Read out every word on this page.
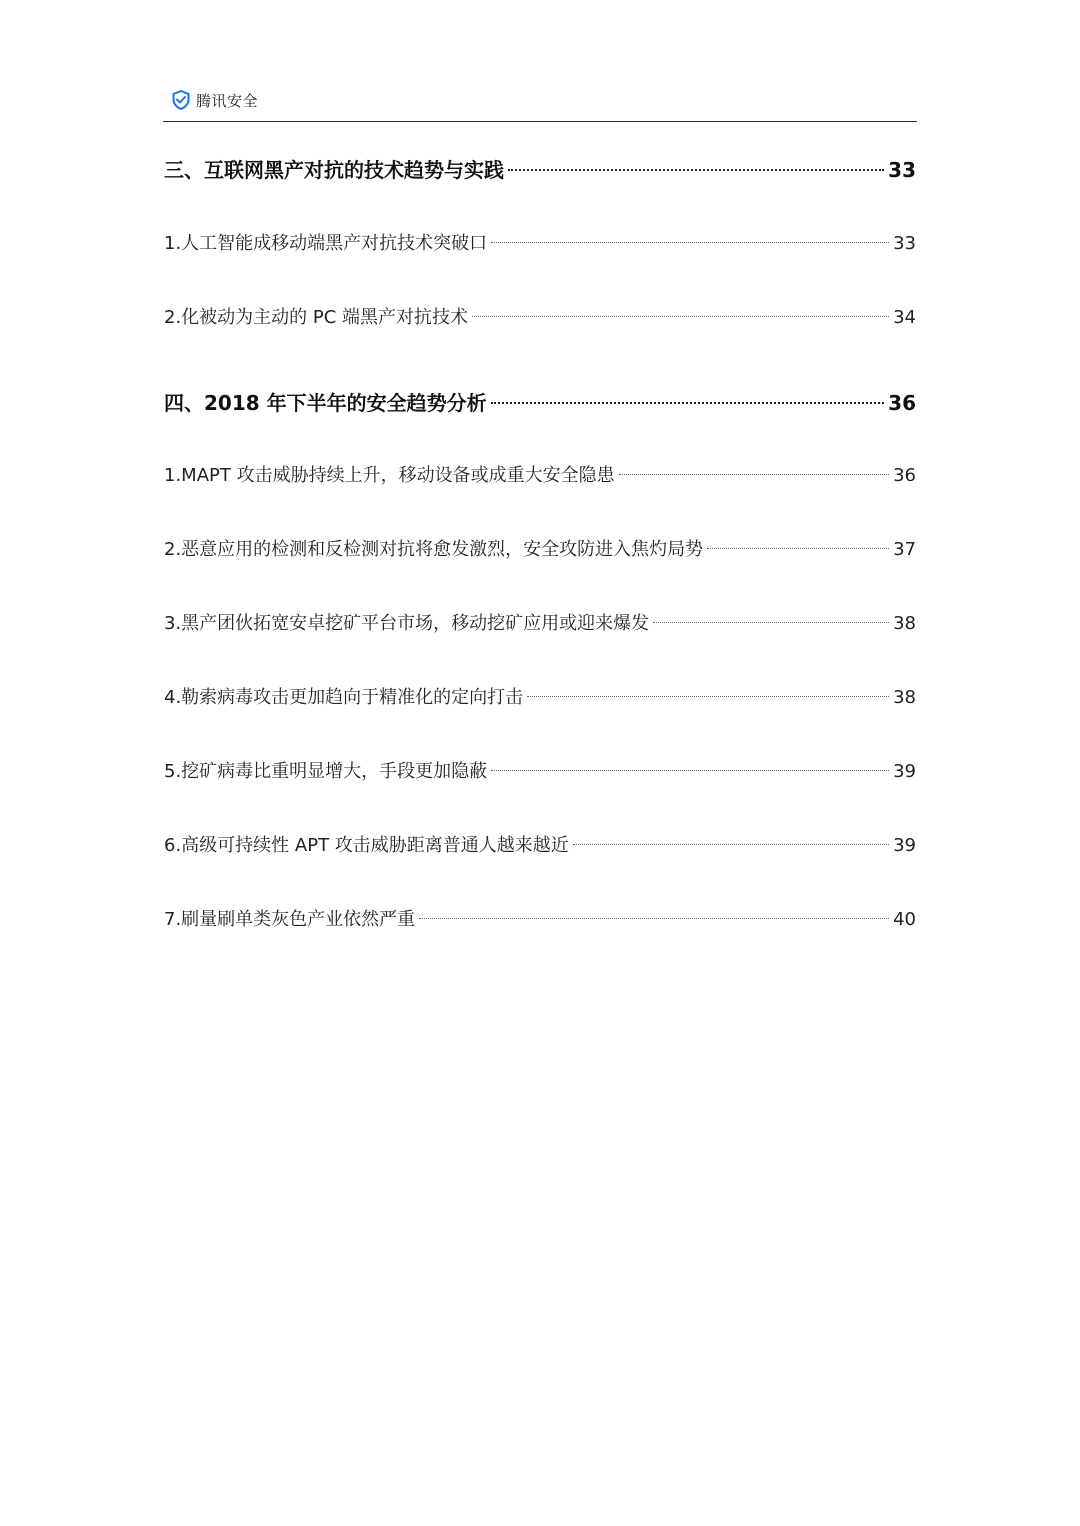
腾讯安全
三、互联网黑产对抗的技术趋势与实践	33
1.人工智能成移动端黑产对抗技术突破口	33
2.化被动为主动的 PC 端黑产对抗技术	34
四、2018 年下半年的安全趋势分析	36
1.MAPT 攻击威胁持续上升，移动设备或成重大安全隐患	36
2.恶意应用的检测和反检测对抗将愈发激烈，安全攻防进入焦灼局势	37
3.黑产团伙拓宽安卓挖矿平台市场，移动挖矿应用或迎来爆发	38
4.勒索病毒攻击更加趋向于精准化的定向打击	38
5.挖矿病毒比重明显增大，手段更加隐蔽	39
6.高级可持续性 APT 攻击威胁距离普通人越来越近	39
7.刷量刷单类灰色产业依然严重	40
